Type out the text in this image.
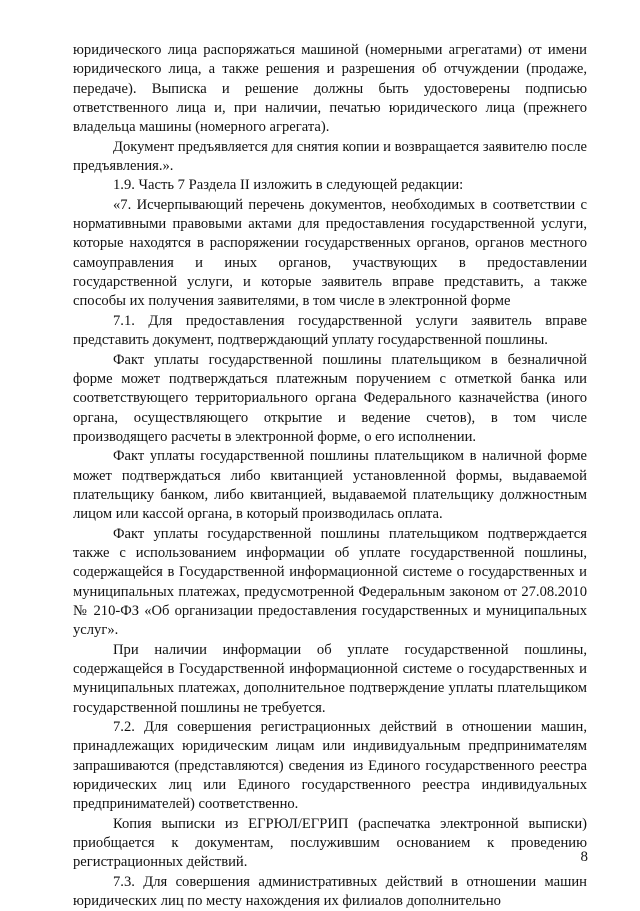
юридического лица распоряжаться машиной (номерными агрегатами) от имени юридического лица, а также решения и разрешения об отчуждении (продаже, передаче). Выписка и решение должны быть удостоверены подписью ответственного лица и, при наличии, печатью юридического лица (прежнего владельца машины (номерного агрегата).

Документ предъявляется для снятия копии и возвращается заявителю после предъявления.».

1.9. Часть 7 Раздела II изложить в следующей редакции:

«7. Исчерпывающий перечень документов, необходимых в соответствии с нормативными правовыми актами для предоставления государственной услуги, которые находятся в распоряжении государственных органов, органов местного самоуправления и иных органов, участвующих в предоставлении государственной услуги, и которые заявитель вправе представить, а также способы их получения заявителями, в том числе в электронной форме

7.1. Для предоставления государственной услуги заявитель вправе представить документ, подтверждающий уплату государственной пошлины.

Факт уплаты государственной пошлины плательщиком в безналичной форме может подтверждаться платежным поручением с отметкой банка или соответствующего территориального органа Федерального казначейства (иного органа, осуществляющего открытие и ведение счетов), в том числе производящего расчеты в электронной форме, о его исполнении.

Факт уплаты государственной пошлины плательщиком в наличной форме может подтверждаться либо квитанцией установленной формы, выдаваемой плательщику банком, либо квитанцией, выдаваемой плательщику должностным лицом или кассой органа, в который производилась оплата.

Факт уплаты государственной пошлины плательщиком подтверждается также с использованием информации об уплате государственной пошлины, содержащейся в Государственной информационной системе о государственных и муниципальных платежах, предусмотренной Федеральным законом от 27.08.2010 № 210-ФЗ «Об организации предоставления государственных и муниципальных услуг».

При наличии информации об уплате государственной пошлины, содержащейся в Государственной информационной системе о государственных и муниципальных платежах, дополнительное подтверждение уплаты плательщиком государственной пошлины не требуется.

7.2. Для совершения регистрационных действий в отношении машин, принадлежащих юридическим лицам или индивидуальным предпринимателям запрашиваются (представляются) сведения из Единого государственного реестра юридических лиц или Единого государственного реестра индивидуальных предпринимателей) соответственно.

Копия выписки из ЕГРЮЛ/ЕГРИП (распечатка электронной выписки) приобщается к документам, послужившим основанием к проведению регистрационных действий.

7.3. Для совершения административных действий в отношении машин юридических лиц по месту нахождения их филиалов дополнительно

8
